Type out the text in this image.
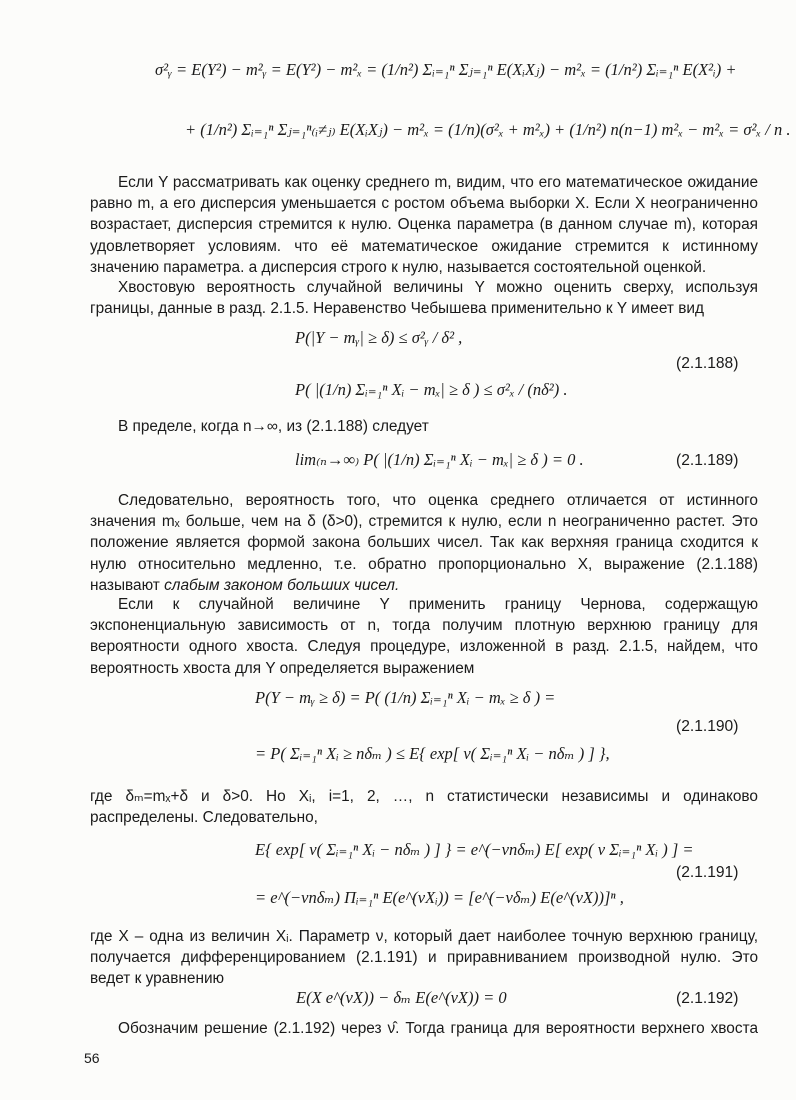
σ²ᵧ = E(Y²) − m²ᵧ = E(Y²) − m²ₓ = (1/n²) Σᵢ₌₁ⁿ Σⱼ₌₁ⁿ E(XᵢXⱼ) − m²ₓ = (1/n²) Σᵢ₌₁ⁿ E(X²ᵢ) +
+ (1/n²) Σᵢ₌₁ⁿ Σⱼ₌₁ⁿ₍ᵢ≠ⱼ₎ E(XᵢXⱼ) − m²ₓ = (1/n)(σ²ₓ + m²ₓ) + (1/n²) n(n−1) m²ₓ − m²ₓ = σ²ₓ / n .
Если Y рассматривать как оценку среднего m, видим, что его математическое ожидание
равно m, а его дисперсия уменьшается с ростом объема выборки X. Если X неограниченно
возрастает, дисперсия стремится к нулю. Оценка параметра (в данном случае m), которая
удовлетворяет условиям. что её математическое ожидание стремится к истинному
значению параметра. а дисперсия строго к нулю, называется состоятельной оценкой.
Хвостовую вероятность случайной величины Y можно оценить сверху, используя
границы, данные в разд. 2.1.5. Неравенство Чебышева применительно к Y имеет вид
P(|Y − mᵧ| ≥ δ) ≤ σ²ᵧ / δ² ,
P( |(1/n) Σᵢ₌₁ⁿ Xᵢ − mₓ| ≥ δ ) ≤ σ²ₓ / (nδ²) .
(2.1.188)
В пределе, когда n→∞, из (2.1.188) следует
lim₍ₙ→∞₎ P( |(1/n) Σᵢ₌₁ⁿ Xᵢ − mₓ| ≥ δ ) = 0 .	(2.1.189)
Следовательно, вероятность того, что оценка среднего отличается от истинного
значения mₓ больше, чем на δ (δ>0), стремится к нулю, если n неограниченно растет. Это
положение является формой закона больших чисел. Так как верхняя граница сходится к
нулю относительно медленно, т.е. обратно пропорционально X, выражение (2.1.188)
называют слабым законом больших чисел.
Если к случайной величине Y применить границу Чернова, содержащую
экспоненциальную зависимость от n, тогда получим плотную верхнюю границу для
вероятности одного хвоста. Следуя процедуре, изложенной в разд. 2.1.5, найдем, что
вероятность хвоста для Y определяется выражением
P(Y − mᵧ ≥ δ) = P( (1/n) Σᵢ₌₁ⁿ Xᵢ − mₓ ≥ δ ) =
= P( Σᵢ₌₁ⁿ Xᵢ ≥ nδₘ ) ≤ E{ exp[ ν( Σᵢ₌₁ⁿ Xᵢ − nδₘ ) ] },
(2.1.190)
где δₘ=mₓ+δ и δ>0. Но Xᵢ, i=1, 2, …, n статистически независимы и одинаково
распределены. Следовательно,
E{ exp[ ν( Σᵢ₌₁ⁿ Xᵢ − nδₘ ) ] } = e^(−νnδₘ) E[ exp( ν Σᵢ₌₁ⁿ Xᵢ ) ] =
= e^(−νnδₘ) Πᵢ₌₁ⁿ E(e^(νXᵢ)) = [e^(−νδₘ) E(e^(νX))]ⁿ ,
(2.1.191)
где X – одна из величин Xᵢ. Параметр ν, который дает наиболее точную верхнюю границу,
получается дифференцированием (2.1.191) и приравниванием производной нулю. Это
ведет к уравнению
E(X e^(νX)) − δₘ E(e^(νX)) = 0	(2.1.192)
Обозначим решение (2.1.192) через ν̂. Тогда граница для вероятности верхнего хвоста
56
